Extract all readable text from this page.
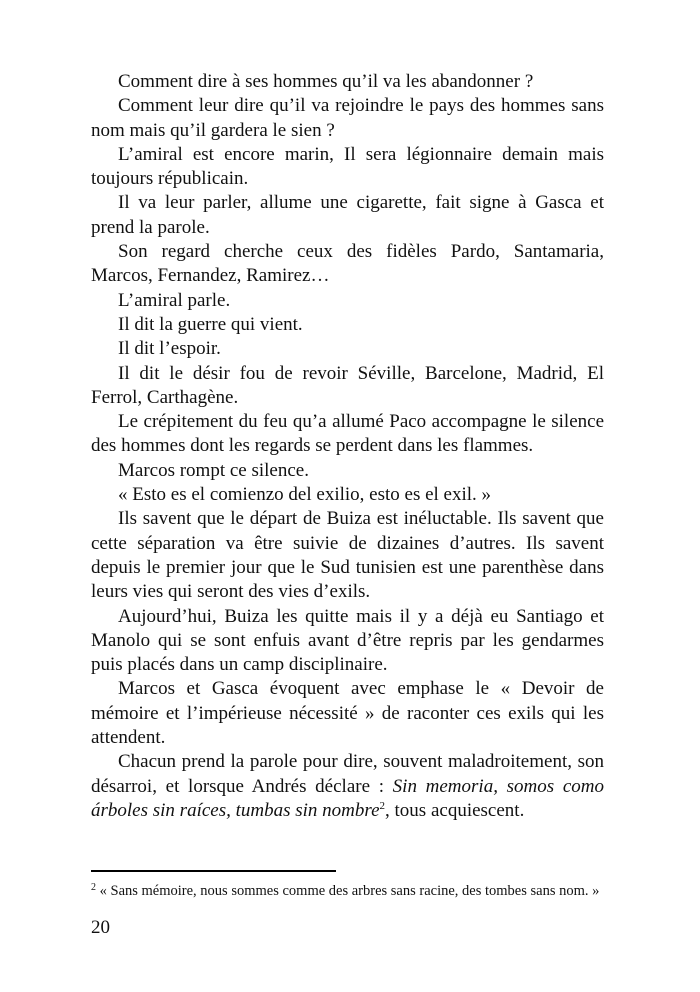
Comment dire à ses hommes qu’il va les abandonner ?

Comment leur dire qu’il va rejoindre le pays des hommes sans nom mais qu’il gardera le sien ?

L’amiral est encore marin, Il sera légionnaire demain mais toujours républicain.

Il va leur parler, allume une cigarette, fait signe à Gasca et prend la parole.

Son regard cherche ceux des fidèles Pardo, Santamaria, Marcos, Fernandez, Ramirez…

L’amiral parle.

Il dit la guerre qui vient.

Il dit l’espoir.

Il dit le désir fou de revoir Séville, Barcelone, Madrid, El Ferrol, Carthagène.

Le crépitement du feu qu’a allumé Paco accompagne le silence des hommes dont les regards se perdent dans les flammes.

Marcos rompt ce silence.

« Esto es el comienzo del exilio, esto es el exil. »

Ils savent que le départ de Buiza est inéluctable. Ils savent que cette séparation va être suivie de dizaines d’autres. Ils savent depuis le premier jour que le Sud tunisien est une parenthèse dans leurs vies qui seront des vies d’exils.

Aujourd’hui, Buiza les quitte mais il y a déjà eu Santiago et Manolo qui se sont enfuis avant d’être repris par les gendarmes puis placés dans un camp disciplinaire.

Marcos et Gasca évoquent avec emphase le « Devoir de mémoire et l’impérieuse nécessité » de raconter ces exils qui les attendent.

Chacun prend la parole pour dire, souvent maladroitement, son désarroi, et lorsque Andrés déclare : Sin memoria, somos como árboles sin raíces, tumbas sin nombre$^2$, tous acquiescent.

$^2$ « Sans mémoire, nous sommes comme des arbres sans racine, des tombes sans nom. »
20
